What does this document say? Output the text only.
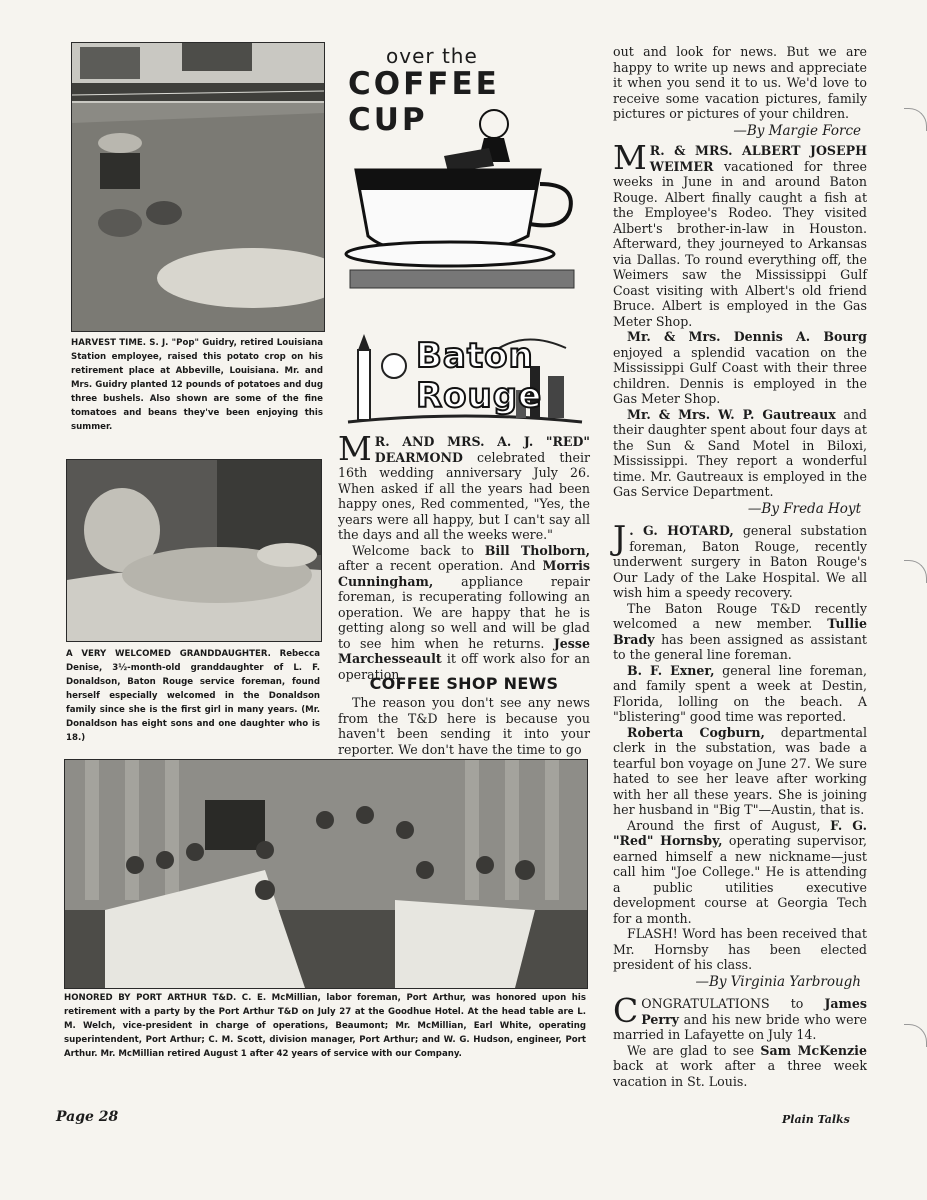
HARVEST TIME. S. J. "Pop" Guidry, retired Louisiana Station employee, raised this potato crop on his retirement place at Abbeville, Louisiana. Mr. and Mrs. Guidry planted 12 pounds of potatoes and dug three bushels. Also shown are some of the fine tomatoes and beans they've been enjoying this summer.
A VERY WELCOMED GRANDDAUGHTER. Rebecca Denise, 3½-month-old granddaughter of L. F. Donaldson, Baton Rouge service foreman, found herself especially welcomed in the Donaldson family since she is the first girl in many years. (Mr. Donaldson has eight sons and one daughter who is 18.)
over the
COFFEE
CUP
Baton
Rouge

M R. AND MRS. A. J. "RED" DEARMOND celebrated their 16th wedding anniversary July 26. When asked if all the years had been happy ones, Red commented, "Yes, the years were all happy, but I can't say all the days and all the weeks were."

Welcome back to Bill Tholborn, after a recent operation. And Morris Cunningham, appliance repair foreman, is recuperating following an operation. We are happy that he is getting along so well and will be glad to see him when he returns. Jesse Marchesseault it off work also for an operation.

COFFEE SHOP NEWS

The reason you don't see any news from the T&D here is because you haven't been sending it into your reporter. We don't have the time to go

HONORED BY PORT ARTHUR T&D. C. E. McMillian, labor foreman, Port Arthur, was honored upon his retirement with a party by the Port Arthur T&D on July 27 at the Goodhue Hotel. At the head table are L. M. Welch, vice-president in charge of operations, Beaumont; Mr. McMillian, Earl White, operating superintendent, Port Arthur; C. M. Scott, division manager, Port Arthur; and W. G. Hudson, engineer, Port Arthur. Mr. McMillian retired August 1 after 42 years of service with our Company.

out and look for news. But we are happy to write up news and appreciate it when you send it to us. We'd love to receive some vacation pictures, family pictures or pictures of your children.

—By Margie Force

M R. & MRS. ALBERT JOSEPH WEIMER vacationed for three weeks in June in and around Baton Rouge. Albert finally caught a fish at the Employee's Rodeo. They visited Albert's brother-in-law in Houston. Afterward, they journeyed to Arkansas via Dallas. To round everything off, the Weimers saw the Mississippi Gulf Coast visiting with Albert's old friend Bruce. Albert is employed in the Gas Meter Shop.

Mr. & Mrs. Dennis A. Bourg enjoyed a splendid vacation on the Mississippi Gulf Coast with their three children. Dennis is employed in the Gas Meter Shop.

Mr. & Mrs. W. P. Gautreaux and their daughter spent about four days at the Sun & Sand Motel in Biloxi, Mississippi. They report a wonderful time. Mr. Gautreaux is employed in the Gas Service Department.

—By Freda Hoyt

J . G. HOTARD, general substation foreman, Baton Rouge, recently underwent surgery in Baton Rouge's Our Lady of the Lake Hospital. We all wish him a speedy recovery.

The Baton Rouge T&D recently welcomed a new member. Tullie Brady has been assigned as assistant to the general line foreman.

B. F. Exner, general line foreman, and family spent a week at Destin, Florida, lolling on the beach. A "blistering" good time was reported.

Roberta Cogburn, departmental clerk in the substation, was bade a tearful bon voyage on June 27. We sure hated to see her leave after working with her all these years. She is joining her husband in "Big T"—Austin, that is.

Around the first of August, F. G. "Red" Hornsby, operating supervisor, earned himself a new nickname—just call him "Joe College." He is attending a public utilities executive development course at Georgia Tech for a month.

FLASH! Word has been received that Mr. Hornsby has been elected president of his class.

—By Virginia Yarbrough

CONGRATULATIONS to James Perry and his new bride who were married in Lafayette on July 14.

We are glad to see Sam McKenzie back at work after a three week vacation in St. Louis.

Page 28	Plain Talks
